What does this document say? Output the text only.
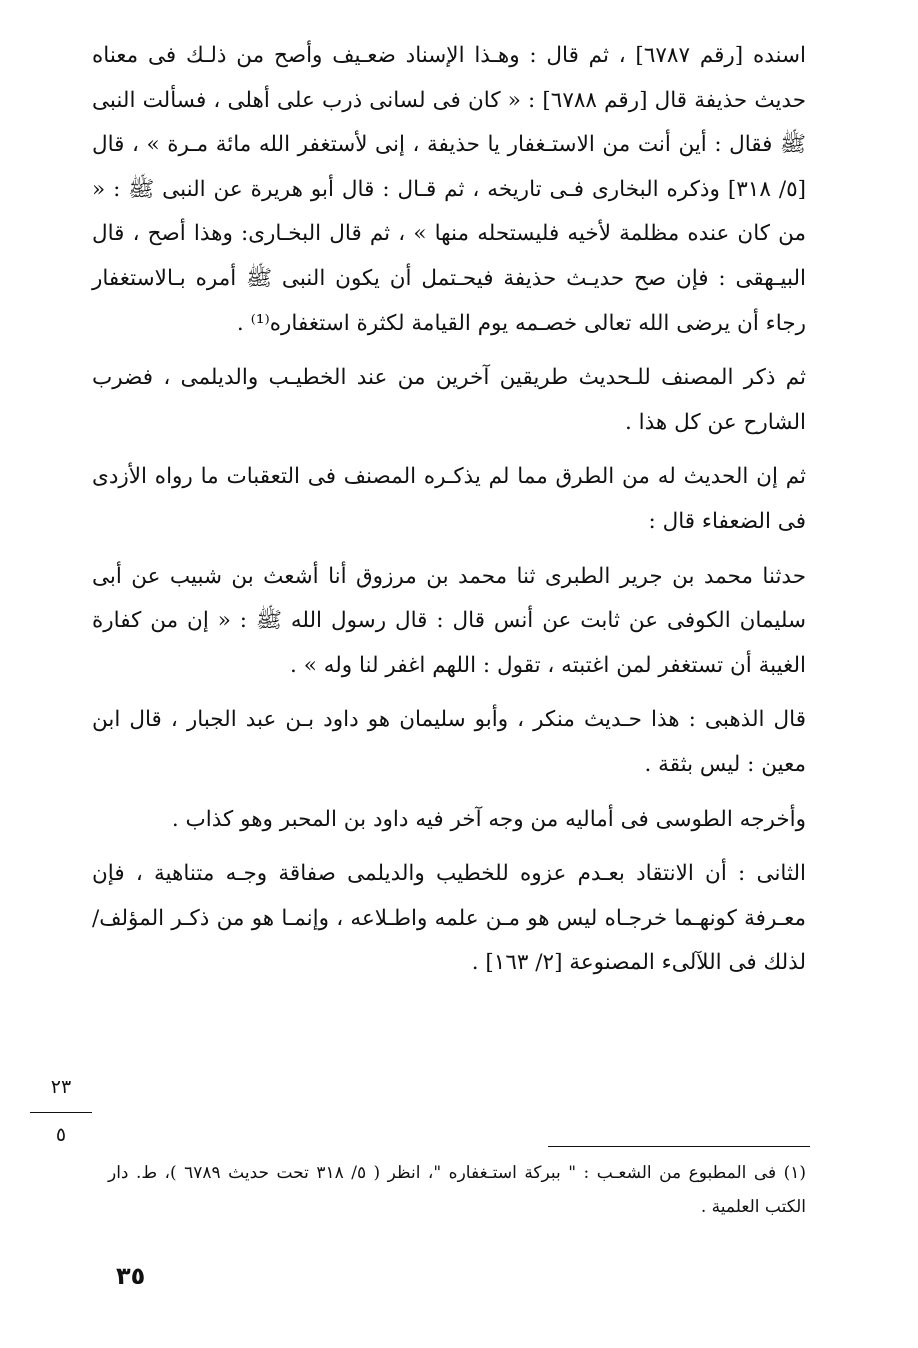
اسنده [رقم ٦٧٨٧] ، ثم قال : وهـذا الإسناد ضعـيف وأصح من ذلـك فى معناه حديث حذيفة قال [رقم ٦٧٨٨] : « كان فى لسانى ذرب على أهلى ، فسألت النبى ﷺ فقال : أين أنت من الاستـغفار يا حذيفة ، إنى لأستغفر الله مائة مـرة » ، قال [٥/ ٣١٨] وذكره البخارى فـى تاريخه ، ثم قـال : قال أبو هريرة عن النبى ﷺ : « من كان عنده مظلمة لأخيه فليستحله منها » ، ثم قال البخـارى: وهذا أصح ، قال البيـهقى : فإن صح حديـث حذيفة فيحـتمل أن يكون النبى ﷺ أمره بـالاستغفار رجاء أن يرضى الله تعالى خصـمه يوم القيامة لكثرة استغفاره⁽¹⁾ .

ثم ذكر المصنف للـحديث طريقين آخرين من عند الخطيـب والديلمى ، فضرب الشارح عن كل هذا .

ثم إن الحديث له من الطرق مما لم يذكـره المصنف فى التعقبات ما رواه الأزدى فى الضعفاء قال :

حدثنا محمد بن جرير الطبرى ثنا محمد بن مرزوق أنا أشعث بن شبيب عن أبى سليمان الكوفى عن ثابت عن أنس قال : قال رسول الله ﷺ : « إن من كفارة الغيبة أن تستغفر لمن اغتبته ، تقول : اللهم اغفر لنا وله » .

قال الذهبى : هذا حـديث منكر ، وأبو سليمان هو داود بـن عبد الجبار ، قال ابن معين : ليس بثقة .

وأخرجه الطوسى فى أماليه من وجه آخر فيه داود بن المحبر وهو كذاب .

الثانى : أن الانتقاد بعـدم عزوه للخطيب والديلمى صفاقة وجـه متناهية ، فإن معـرفة كونهـما خرجـاه ليس هو مـن علمه واطـلاعه ، وإنمـا هو من ذكـر المؤلف/ لذلك فى اللآلىء المصنوعة [٢/ ١٦٣] .

٢٣
٥

(١) فى المطبوع من الشعـب : " ببركة استـغفاره "، انظر ( ٥/ ٣١٨ تحت حديث ٦٧٨٩ )، ط. دار الكتب العلمية .

٣٥
